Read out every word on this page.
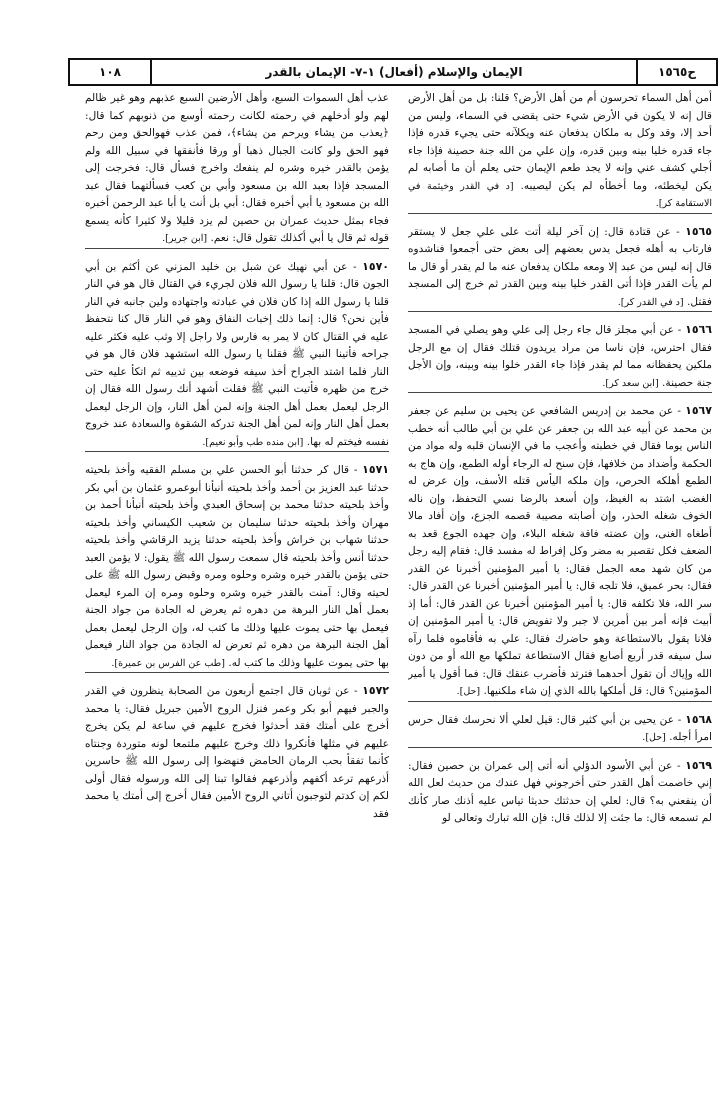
ح١٥٦٥
الإيمان والإسلام (أفعال) ١-٧- الإيمان بالقدر
١٠٨

أمن أهل السماء تحرسون أم من أهل الأرض؟ قلنا: بل من أهل الأرض قال إنه لا يكون في الأرض شيء حتى يقضى في السماء، وليس من أحد إلا، وقد وكل به ملكان يدفعان عنه ويكلآنه حتى يجيء قدره فإذا جاء قدره خليا بينه وبين قدره، وإن علي من الله جنة حصينة فإذا جاء أجلي كشف عني وإنه لا يجد طعم الإيمان حتى يعلم أن ما أصابه لم يكن ليخطئه، وما أخطأه لم يكن ليصيبه. [د في القدر وخيثمة في الاستقامة كر].

١٥٦٥ - عن قتادة قال: إن آخر ليلة أتت على علي جعل لا يستقر فارتاب به أهله فجعل يدس بعضهم إلى بعض حتى أجمعوا فناشدوه قال إنه ليس من عبد إلا ومعه ملكان يدفعان عنه ما لم يقدر أو قال ما لم يأت القدر فإذا أتى القدر خليا بينه وبين القدر ثم خرج إلى المسجد فقتل. [د في القدر كر].

١٥٦٦ - عن أبي مجلز قال جاء رجل إلى علي وهو يصلي في المسجد فقال احترس، فإن ناسا من مراد يريدون قتلك فقال إن مع الرجل ملكين يحفظانه مما لم يقدر فإذا جاء القدر خلوا بينه وبينه، وإن الأجل جنة حصينة. [ابن سعد كر].

١٥٦٧ - عن محمد بن إدريس الشافعي عن يحيى بن سليم عن جعفر بن محمد عن أبيه عبد الله بن جعفر عن علي بن أبي طالب أنه خطب الناس يوما فقال في خطبته وأعجب ما في الإنسان قلبه وله مواد من الحكمة وأضداد من خلافها، فإن سنح له الرجاء أوله الطمع، وإن هاج به الطمع أهلكه الحرص، وإن ملكه اليأس قتله الأسف، وإن عرض له الغضب اشتد به الغيظ، وإن أسعد بالرضا نسي التحفظ، وإن ناله الخوف شغله الحذر، وإن أصابته مصيبة قصمه الجزع، وإن أفاد مالا أطغاه الغنى، وإن عضته فاقة شغله البلاء، وإن جهده الجوع قعد به الضعف فكل تقصير به مضر وكل إفراط له مفسد قال: فقام إليه رجل من كان شهد معه الجمل فقال: يا أمير المؤمنين أخبرنا عن القدر فقال: بحر عميق، فلا تلجه قال: يا أمير المؤمنين أخبرنا عن القدر قال: سر الله، فلا تكلفه قال: يا أمير المؤمنين أخبرنا عن القدر قال: أما إذ أبيت فإنه أمر بين أمرين لا جبر ولا تفويض قال: يا أمير المؤمنين إن فلانا يقول بالاستطاعة وهو حاضرك فقال: علي به فأقاموه فلما رآه سل سيفه قدر أربع أصابع فقال الاستطاعة تملكها مع الله أو من دون الله وإياك أن تقول أحدهما فترتد فأضرب عنقك قال: فما أقول يا أمير المؤمنين؟ قال: قل أملكها بالله الذي إن شاء ملكنيها. [حل].

١٥٦٨ - عن يحيى بن أبي كثير قال: قيل لعلي ألا نحرسك فقال حرس امرأ أجله. [حل].

١٥٦٩ - عن أبي الأسود الدؤلي أنه أتى إلى عمران بن حصين فقال: إني خاصمت أهل القدر حتى أخرجوني فهل عندك من حديث لعل الله أن ينفعني به؟ قال: لعلي إن حدثتك حديثا تياس عليه أذنك صار كأنك لم تسمعه قال: ما جئت إلا لذلك قال: فإن الله تبارك وتعالى لو

عذب أهل السموات السبع، وأهل الأرضين السبع عذبهم وهو غير ظالم لهم ولو أدخلهم في رحمته لكانت رحمته أوسع من ذنوبهم كما قال: ﴿يعذب من يشاء ويرحم من يشاء﴾، فمن عذب فهوالحق ومن رحم فهو الحق ولو كانت الجبال ذهبا أو ورقا فأنفقها في سبيل الله ولم يؤمن بالقدر خيره وشره لم ينفعك واخرج فسأل قال: فخرجت إلى المسجد فإذا بعبد الله بن مسعود وأبي بن كعب فسألتهما فقال عبد الله بن مسعود يا أبي أخبره فقال: أبي بل أنت يا أبا عبد الرحمن أخبره فجاء بمثل حديث عمران بن حصين لم يزد قليلا ولا كثيرا كأنه يسمع قوله ثم قال يا أبي أكذلك تقول قال: نعم. [ابن جرير].

١٥٧٠ - عن أبي نهيك عن شبل بن خليد المزني عن أكثم بن أبي الجون قال: قلنا يا رسول الله فلان لجريء في القتال قال هو في النار قلنا يا رسول الله إذا كان فلان في عبادته واجتهاده ولين جانبه في النار فأين نحن؟ قال: إنما ذلك إخبات النفاق وهو في النار قال كنا نتحفظ عليه في القتال كان لا يمر به فارس ولا راجل إلا وثب عليه فكثر عليه جراحه فأتينا النبي ﷺ فقلنا يا رسول الله استشهد فلان قال هو في النار فلما اشتد الجراح أخذ سيفه فوضعه بين ثدييه ثم اتكأ عليه حتى خرج من ظهره فأتيت النبي ﷺ فقلت أشهد أنك رسول الله فقال إن الرجل ليعمل بعمل أهل الجنة وإنه لمن أهل النار، وإن الرجل ليعمل بعمل أهل النار وإنه لمن أهل الجنة تدركه الشقوة والسعادة عند خروج نفسه فيختم له بها. [ابن منده طب وأبو نعيم].

١٥٧١ - قال كر حدثنا أبو الحسن علي بن مسلم الفقيه وأخذ بلحيته حدثنا عبد العزيز بن أحمد وأخذ بلحيته أنبأنا أبوعمرو عثمان بن أبي بكر وأخذ بلحيته حدثنا محمد بن إسحاق العبدي وأخذ بلحيته أنبأنا أحمد بن مهران وأخذ بلحيته حدثنا سليمان بن شعيب الكيساني وأخذ بلحيته حدثنا شهاب بن خراش وأخذ بلحيته حدثنا يزيد الرقاشي وأخذ بلحيته حدثنا أنس وأخذ بلحيته قال سمعت رسول الله ﷺ يقول: لا يؤمن العبد حتى يؤمن بالقدر خيره وشره وحلوه ومره وقبض رسول الله ﷺ على لحيته وقال: آمنت بالقدر خيره وشره وحلوه ومره إن المرء ليعمل بعمل أهل النار البرهة من دهره ثم يعرض له الجادة من جواد الجنة فيعمل بها حتى يموت عليها وذلك ما كتب له، وإن الرجل ليعمل بعمل أهل الجنة البرهة من دهره ثم تعرض له الجادة من جواد النار فيعمل بها حتى يموت عليها وذلك ما كتب له. [طب عن الفرس بن عميرة].

١٥٧٢ - عن ثوبان قال اجتمع أربعون من الصحابة ينظرون في القدر والجبر فيهم أبو بكر وعمر فنزل الروح الأمين جبريل فقال: يا محمد أخرج على أمتك فقد أحدثوا فخرج عليهم في ساعة لم يكن يخرج عليهم في مثلها فأنكروا ذلك وخرج عليهم ملتمعا لونه متوردة وجنتاه كأنما تفقأ بحب الرمان الحامض فنهضوا إلى رسول الله ﷺ حاسرين أذرعهم ترعد أكفهم وأذرعهم فقالوا تبنا إلى الله ورسوله فقال أولى لكم إن كدتم لتوجبون أتاني الروح الأمين فقال أخرج إلى أمتك يا محمد فقد
